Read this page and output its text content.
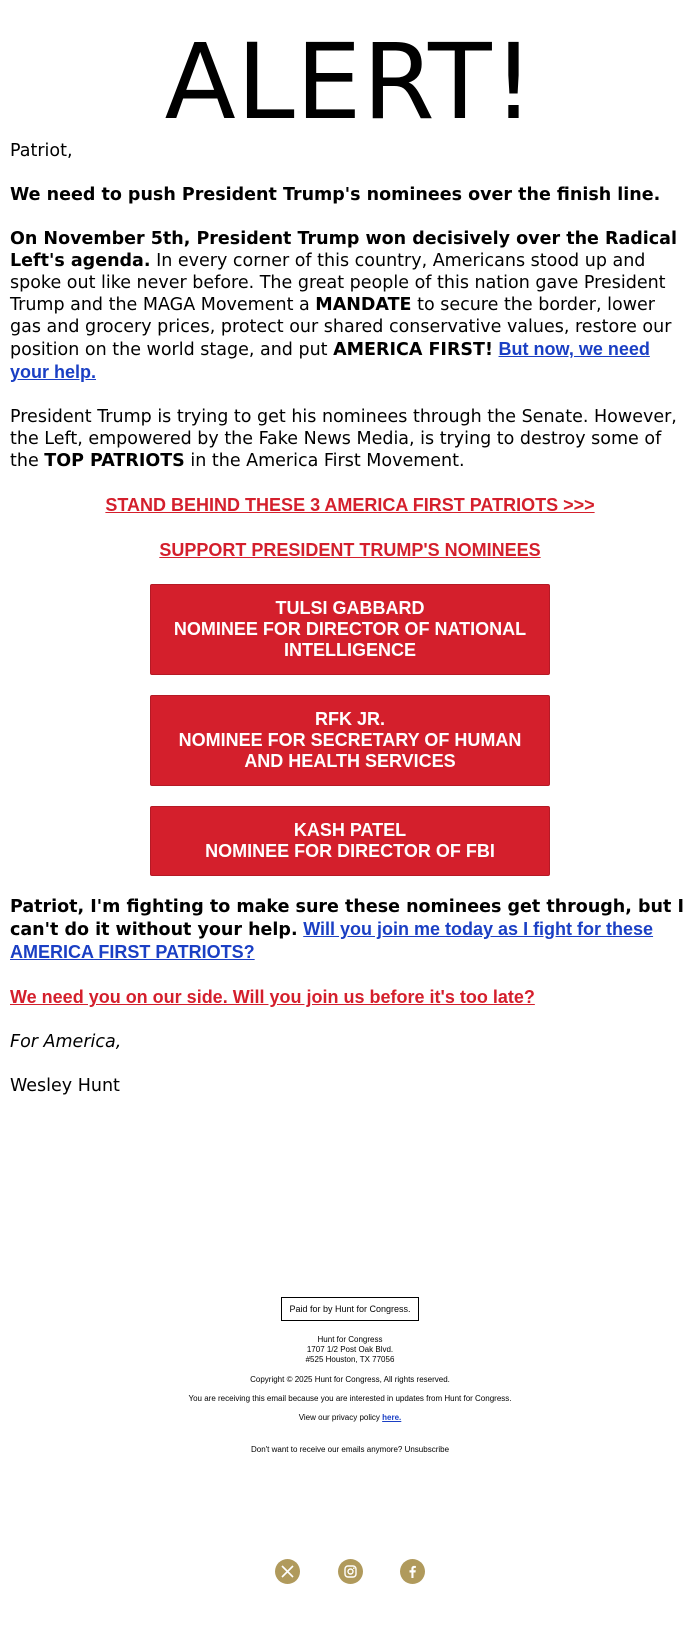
ALERT!

Patriot,

We need to push President Trump's nominees over the finish line.

On November 5th, President Trump won decisively over the Radical Left's agenda. In every corner of this country, Americans stood up and spoke out like never before. The great people of this nation gave President Trump and the MAGA Movement a MANDATE to secure the border, lower gas and grocery prices, protect our shared conservative values, restore our position on the world stage, and put AMERICA FIRST! But now, we need your help.

President Trump is trying to get his nominees through the Senate. However, the Left, empowered by the Fake News Media, is trying to destroy some of the TOP PATRIOTS in the America First Movement.

STAND BEHIND THESE 3 AMERICA FIRST PATRIOTS >>>

SUPPORT PRESIDENT TRUMP'S NOMINEES

TULSI GABBARD
NOMINEE FOR DIRECTOR OF NATIONAL INTELLIGENCE
RFK JR.
NOMINEE FOR SECRETARY OF HUMAN AND HEALTH SERVICES
KASH PATEL
NOMINEE FOR DIRECTOR OF FBI

Patriot, I'm fighting to make sure these nominees get through, but I can't do it without your help. Will you join me today as I fight for these AMERICA FIRST PATRIOTS?

We need you on our side. Will you join us before it's too late?

For America,

Wesley Hunt

Paid for by Hunt for Congress.

Hunt for Congress

1707 1/2 Post Oak Blvd.

#525 Houston, TX 77056

Copyright © 2025 Hunt for Congress, All rights reserved.

You are receiving this email because you are interested in updates from Hunt for Congress.

View our privacy policy here.

Don't want to receive our emails anymore? Unsubscribe
